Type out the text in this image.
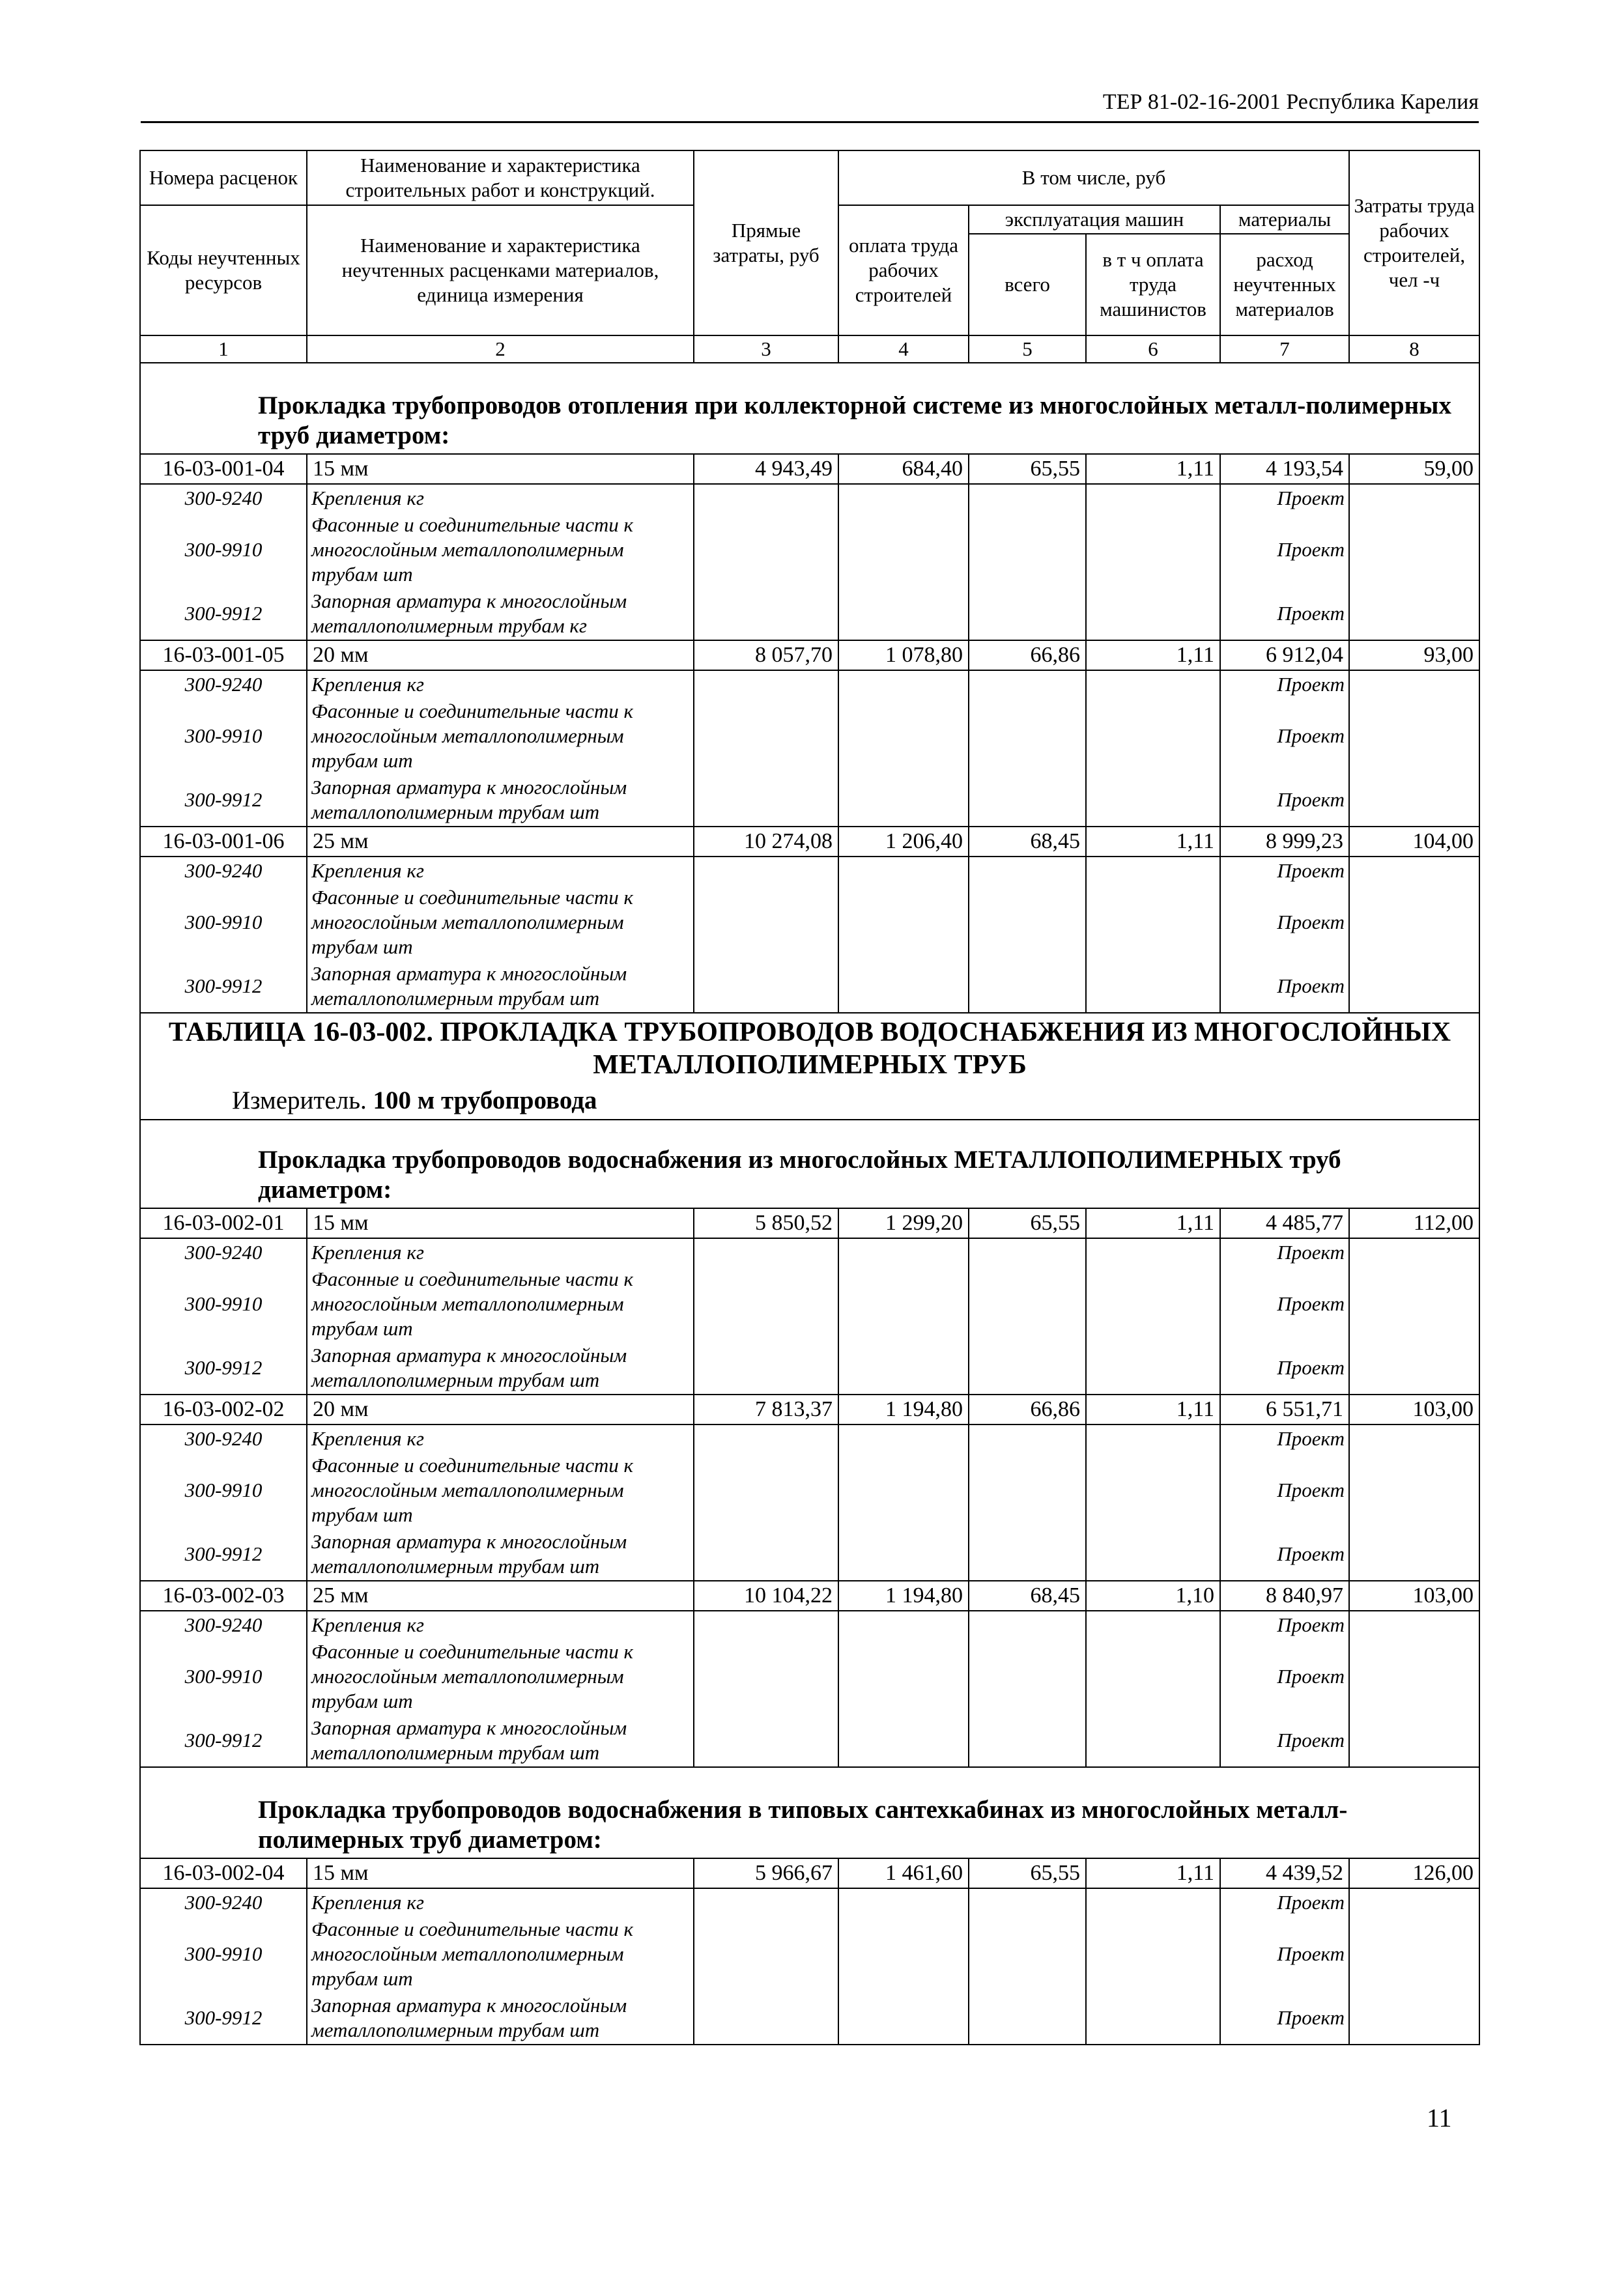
ТЕР 81-02-16-2001 Республика Карелия
Номера расценок	Наименование и характеристика строительных работ и конструкций.	Прямые затраты, руб	В том числе, руб				Затраты труда рабочих строителей, чел -ч
Коды неучтенных ресурсов	Наименование и характеристика неучтенных расценками материалов, единица измерения		оплата труда рабочих строителей	эксплуатация машин		материалы	
				всего	в т ч оплата труда машинистов	расход неучтенных материалов	
1	2	3	4	5	6	7	8
Прокладка трубопроводов отопления при коллекторной системе из многослойных металл-полимерных труб диаметром:							
16-03-001-04	15 мм	4 943,49	684,40	65,55	1,11	4 193,54	59,00
300-9240	Крепления кг					Проект	
300-9910	Фасонные и соединительные части к многослойным металлополимерным трубам шт					Проект	
300-9912	Запорная арматура к многослойным металлополимерным трубам кг					Проект	
16-03-001-05	20 мм	8 057,70	1 078,80	66,86	1,11	6 912,04	93,00
300-9240	Крепления кг					Проект	
300-9910	Фасонные и соединительные части к многослойным металлополимерным трубам шт					Проект	
300-9912	Запорная арматура к многослойным металлополимерным трубам шт					Проект	
16-03-001-06	25 мм	10 274,08	1 206,40	68,45	1,11	8 999,23	104,00
300-9240	Крепления кг					Проект	
300-9910	Фасонные и соединительные части к многослойным металлополимерным трубам шт					Проект	
300-9912	Запорная арматура к многослойным металлополимерным трубам шт					Проект	
ТАБЛИЦА 16-03-002. ПРОКЛАДКА ТРУБОПРОВОДОВ ВОДОСНАБЖЕНИЯ ИЗ МНОГОСЛОЙНЫХ МЕТАЛЛОПОЛИМЕРНЫХ ТРУБ							
Измеритель. 100 м трубопровода							
Прокладка трубопроводов водоснабжения из многослойных МЕТАЛЛОПОЛИМЕРНЫХ труб диаметром:							
16-03-002-01	15 мм	5 850,52	1 299,20	65,55	1,11	4 485,77	112,00
300-9240	Крепления кг					Проект	
300-9910	Фасонные и соединительные части к многослойным металлополимерным трубам шт					Проект	
300-9912	Запорная арматура к многослойным металлополимерным трубам шт					Проект	
16-03-002-02	20 мм	7 813,37	1 194,80	66,86	1,11	6 551,71	103,00
300-9240	Крепления кг					Проект	
300-9910	Фасонные и соединительные части к многослойным металлополимерным трубам шт					Проект	
300-9912	Запорная арматура к многослойным металлополимерным трубам шт					Проект	
16-03-002-03	25 мм	10 104,22	1 194,80	68,45	1,10	8 840,97	103,00
300-9240	Крепления кг					Проект	
300-9910	Фасонные и соединительные части к многослойным металлополимерным трубам шт					Проект	
300-9912	Запорная арматура к многослойным металлополимерным трубам шт					Проект	
Прокладка трубопроводов водоснабжения в типовых сантехкабинах из многослойных металл-полимерных труб диаметром:							
16-03-002-04	15 мм	5 966,67	1 461,60	65,55	1,11	4 439,52	126,00
300-9240	Крепления кг					Проект	
300-9910	Фасонные и соединительные части к многослойным металлополимерным трубам шт					Проект	
300-9912	Запорная арматура к многослойным металлополимерным трубам шт					Проект	
11
